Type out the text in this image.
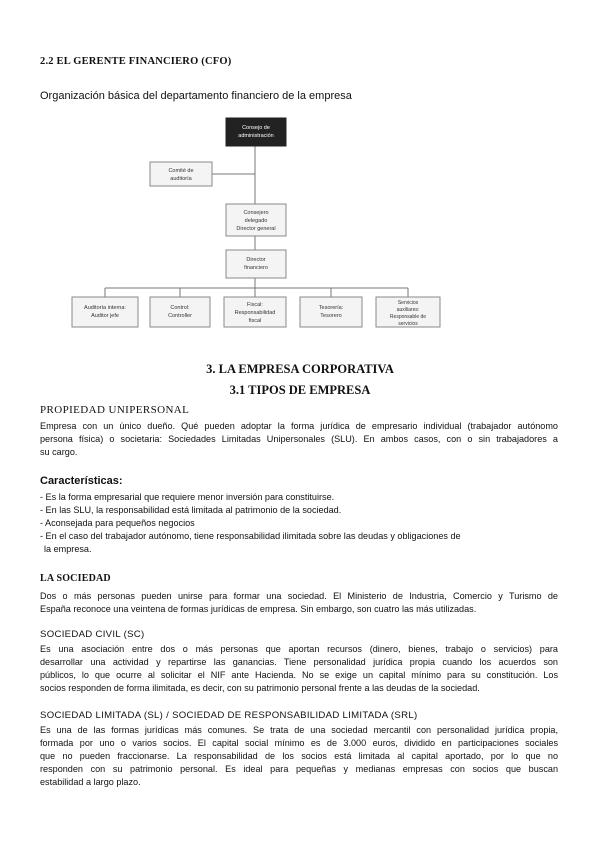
2.2 EL GERENTE FINANCIERO (CFO)
Organización básica del departamento financiero de la empresa
Consejo de
administración
Comité de
auditoría
Consejero
delegado
Director general
Director
financiero
Auditoría interna:
Auditor jefe
Control:
Controller
Fiscal:
Responsabilidad
fiscal
Tesorería:
Tesorero
Servicios
auxiliares:
Responsable de
servicios
3. LA EMPRESA CORPORATIVA
3.1 TIPOS DE EMPRESA
PROPIEDAD UNIPERSONAL
Empresa con un único dueño. Qué pueden adoptar la forma jurídica de empresario individual (trabajador autónomo
persona física) o societaria: Sociedades Limitadas Unipersonales (SLU). En ambos casos, con o sin trabajadores a
su cargo.
Características:
- Es la forma empresarial que requiere menor inversión para constituirse.
- En las SLU, la responsabilidad está limitada al patrimonio de la sociedad.
- Aconsejada para pequeños negocios
- En el caso del trabajador autónomo, tiene responsabilidad ilimitada sobre las deudas y obligaciones de
la empresa.
LA SOCIEDAD
Dos o más personas pueden unirse para formar una sociedad. El Ministerio de Industria, Comercio y Turismo de
España reconoce una veintena de formas jurídicas de empresa. Sin embargo, son cuatro las más utilizadas.
SOCIEDAD CIVIL (SC)
Es una asociación entre dos o más personas que aportan recursos (dinero, bienes, trabajo o servicios) para
desarrollar una actividad y repartirse las ganancias. Tiene personalidad jurídica propia cuando los acuerdos son
públicos, lo que ocurre al solicitar el NIF ante Hacienda. No se exige un capital mínimo para su constitución. Los
socios responden de forma ilimitada, es decir, con su patrimonio personal frente a las deudas de la sociedad.
SOCIEDAD LIMITADA (SL) / SOCIEDAD DE RESPONSABILIDAD LIMITADA (SRL)
Es una de las formas jurídicas más comunes. Se trata de una sociedad mercantil con personalidad jurídica propia,
formada por uno o varios socios. El capital social mínimo es de 3.000 euros, dividido en participaciones sociales
que no pueden fraccionarse. La responsabilidad de los socios está limitada al capital aportado, por lo que no
responden con su patrimonio personal. Es ideal para pequeñas y medianas empresas con socios que buscan
estabilidad a largo plazo.
